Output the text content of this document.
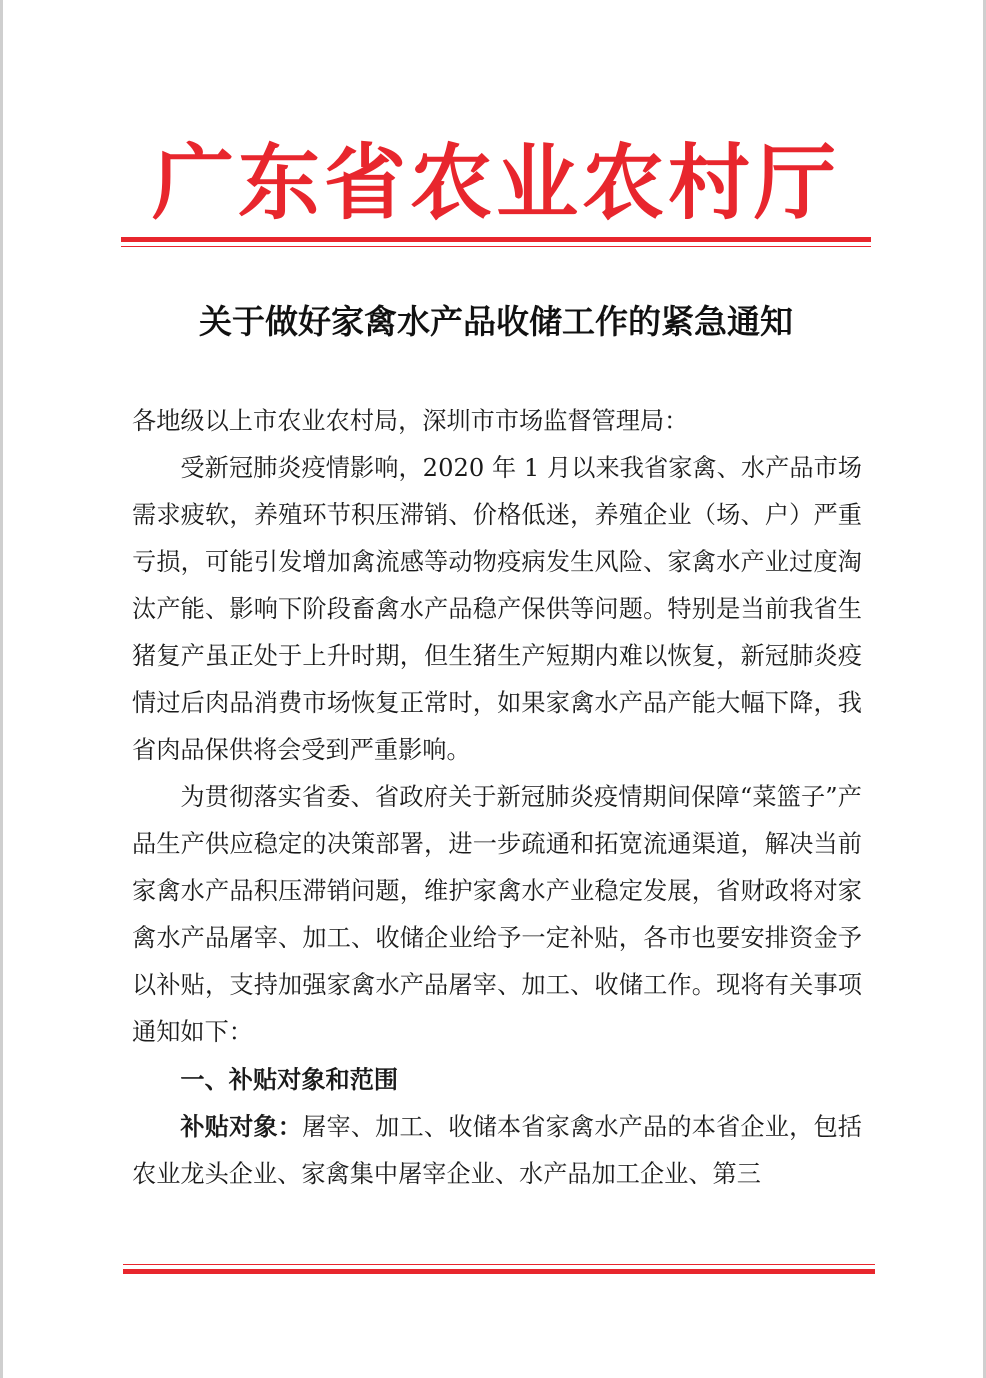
广东省农业农村厅
关于做好家禽水产品收储工作的紧急通知

各地级以上市农业农村局，深圳市市场监督管理局：

受新冠肺炎疫情影响，2020 年 1 月以来我省家禽、水产品市场需求疲软，养殖环节积压滞销、价格低迷，养殖企业（场、户）严重亏损，可能引发增加禽流感等动物疫病发生风险、家禽水产业过度淘汰产能、影响下阶段畜禽水产品稳产保供等问题。特别是当前我省生猪复产虽正处于上升时期，但生猪生产短期内难以恢复，新冠肺炎疫情过后肉品消费市场恢复正常时，如果家禽水产品产能大幅下降，我省肉品保供将会受到严重影响。

为贯彻落实省委、省政府关于新冠肺炎疫情期间保障“菜篮子”产品生产供应稳定的决策部署，进一步疏通和拓宽流通渠道，解决当前家禽水产品积压滞销问题，维护家禽水产业稳定发展，省财政将对家禽水产品屠宰、加工、收储企业给予一定补贴，各市也要安排资金予以补贴，支持加强家禽水产品屠宰、加工、收储工作。现将有关事项通知如下：

一、补贴对象和范围

补贴对象：屠宰、加工、收储本省家禽水产品的本省企业，包括农业龙头企业、家禽集中屠宰企业、水产品加工企业、第三
